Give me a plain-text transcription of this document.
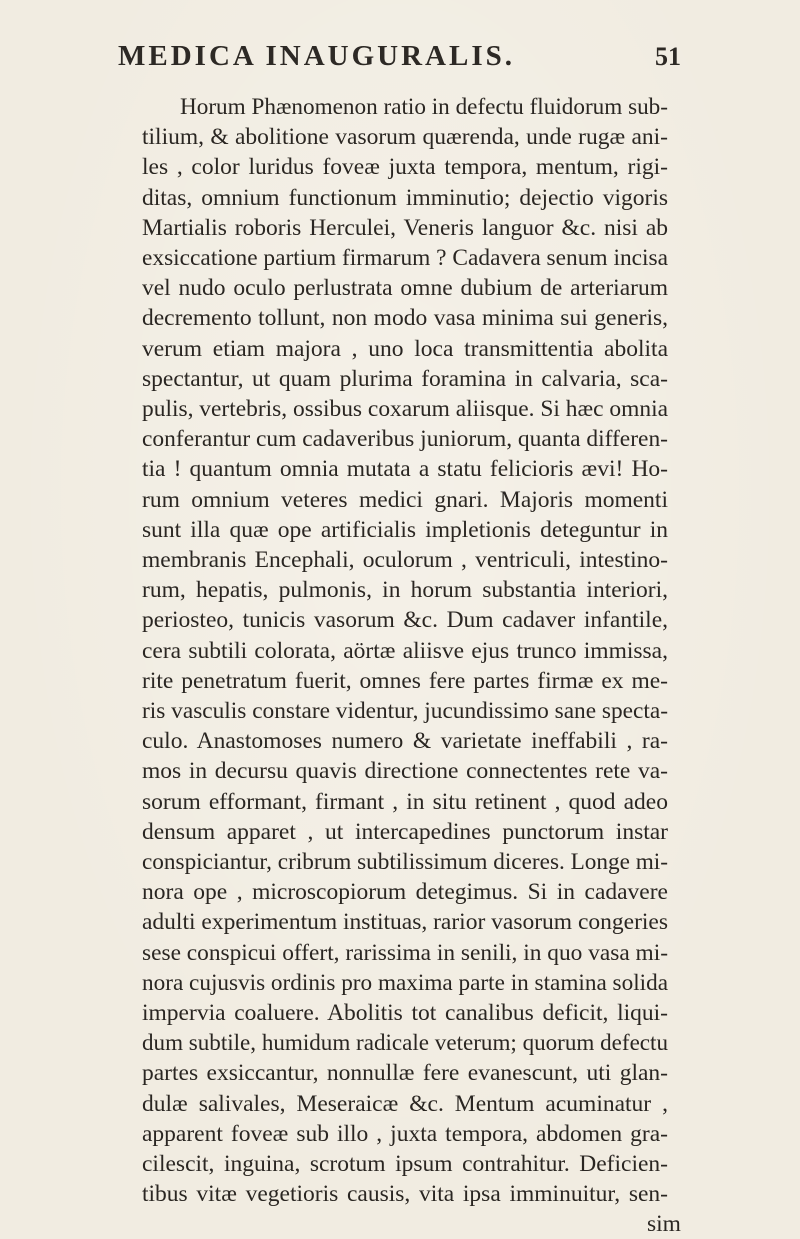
MEDICA INAUGURALIS.	51
Horum Phænomenon ratio in defectu fluidorum sub-
tilium, & abolitione vasorum quærenda, unde rugæ ani-
les , color luridus foveæ juxta tempora, mentum, rigi-
ditas, omnium functionum imminutio; dejectio vigoris
Martialis roboris Herculei, Veneris languor &c. nisi ab
exsiccatione partium firmarum ? Cadavera senum incisa
vel nudo oculo perlustrata omne dubium de arteriarum
decremento tollunt, non modo vasa minima sui generis,
verum etiam majora , uno loca transmittentia abolita
spectantur, ut quam plurima foramina in calvaria, sca-
pulis, vertebris, ossibus coxarum aliisque. Si hæc omnia
conferantur cum cadaveribus juniorum, quanta differen-
tia ! quantum omnia mutata a statu felicioris ævi! Ho-
rum omnium veteres medici gnari. Majoris momenti
sunt illa quæ ope artificialis impletionis deteguntur in
membranis Encephali, oculorum , ventriculi, intestino-
rum, hepatis, pulmonis, in horum substantia interiori,
periosteo, tunicis vasorum &c. Dum cadaver infantile,
cera subtili colorata, aörtæ aliisve ejus trunco immissa,
rite penetratum fuerit, omnes fere partes firmæ ex me-
ris vasculis constare videntur, jucundissimo sane specta-
culo. Anastomoses numero & varietate ineffabili , ra-
mos in decursu quavis directione connectentes rete va-
sorum efformant, firmant , in situ retinent , quod adeo
densum apparet , ut intercapedines punctorum instar
conspiciantur, cribrum subtilissimum diceres. Longe mi-
nora ope , microscopiorum detegimus. Si in cadavere
adulti experimentum instituas, rarior vasorum congeries
sese conspicui offert, rarissima in senili, in quo vasa mi-
nora cujusvis ordinis pro maxima parte in stamina solida
impervia coaluere. Abolitis tot canalibus deficit, liqui-
dum subtile, humidum radicale veterum; quorum defectu
partes exsiccantur, nonnullæ fere evanescunt, uti glan-
dulæ salivales, Meseraicæ &c. Mentum acuminatur ,
apparent foveæ sub illo , juxta tempora, abdomen gra-
cilescit, inguina, scrotum ipsum contrahitur. Deficien-
tibus vitæ vegetioris causis, vita ipsa imminuitur, sen-
sim
